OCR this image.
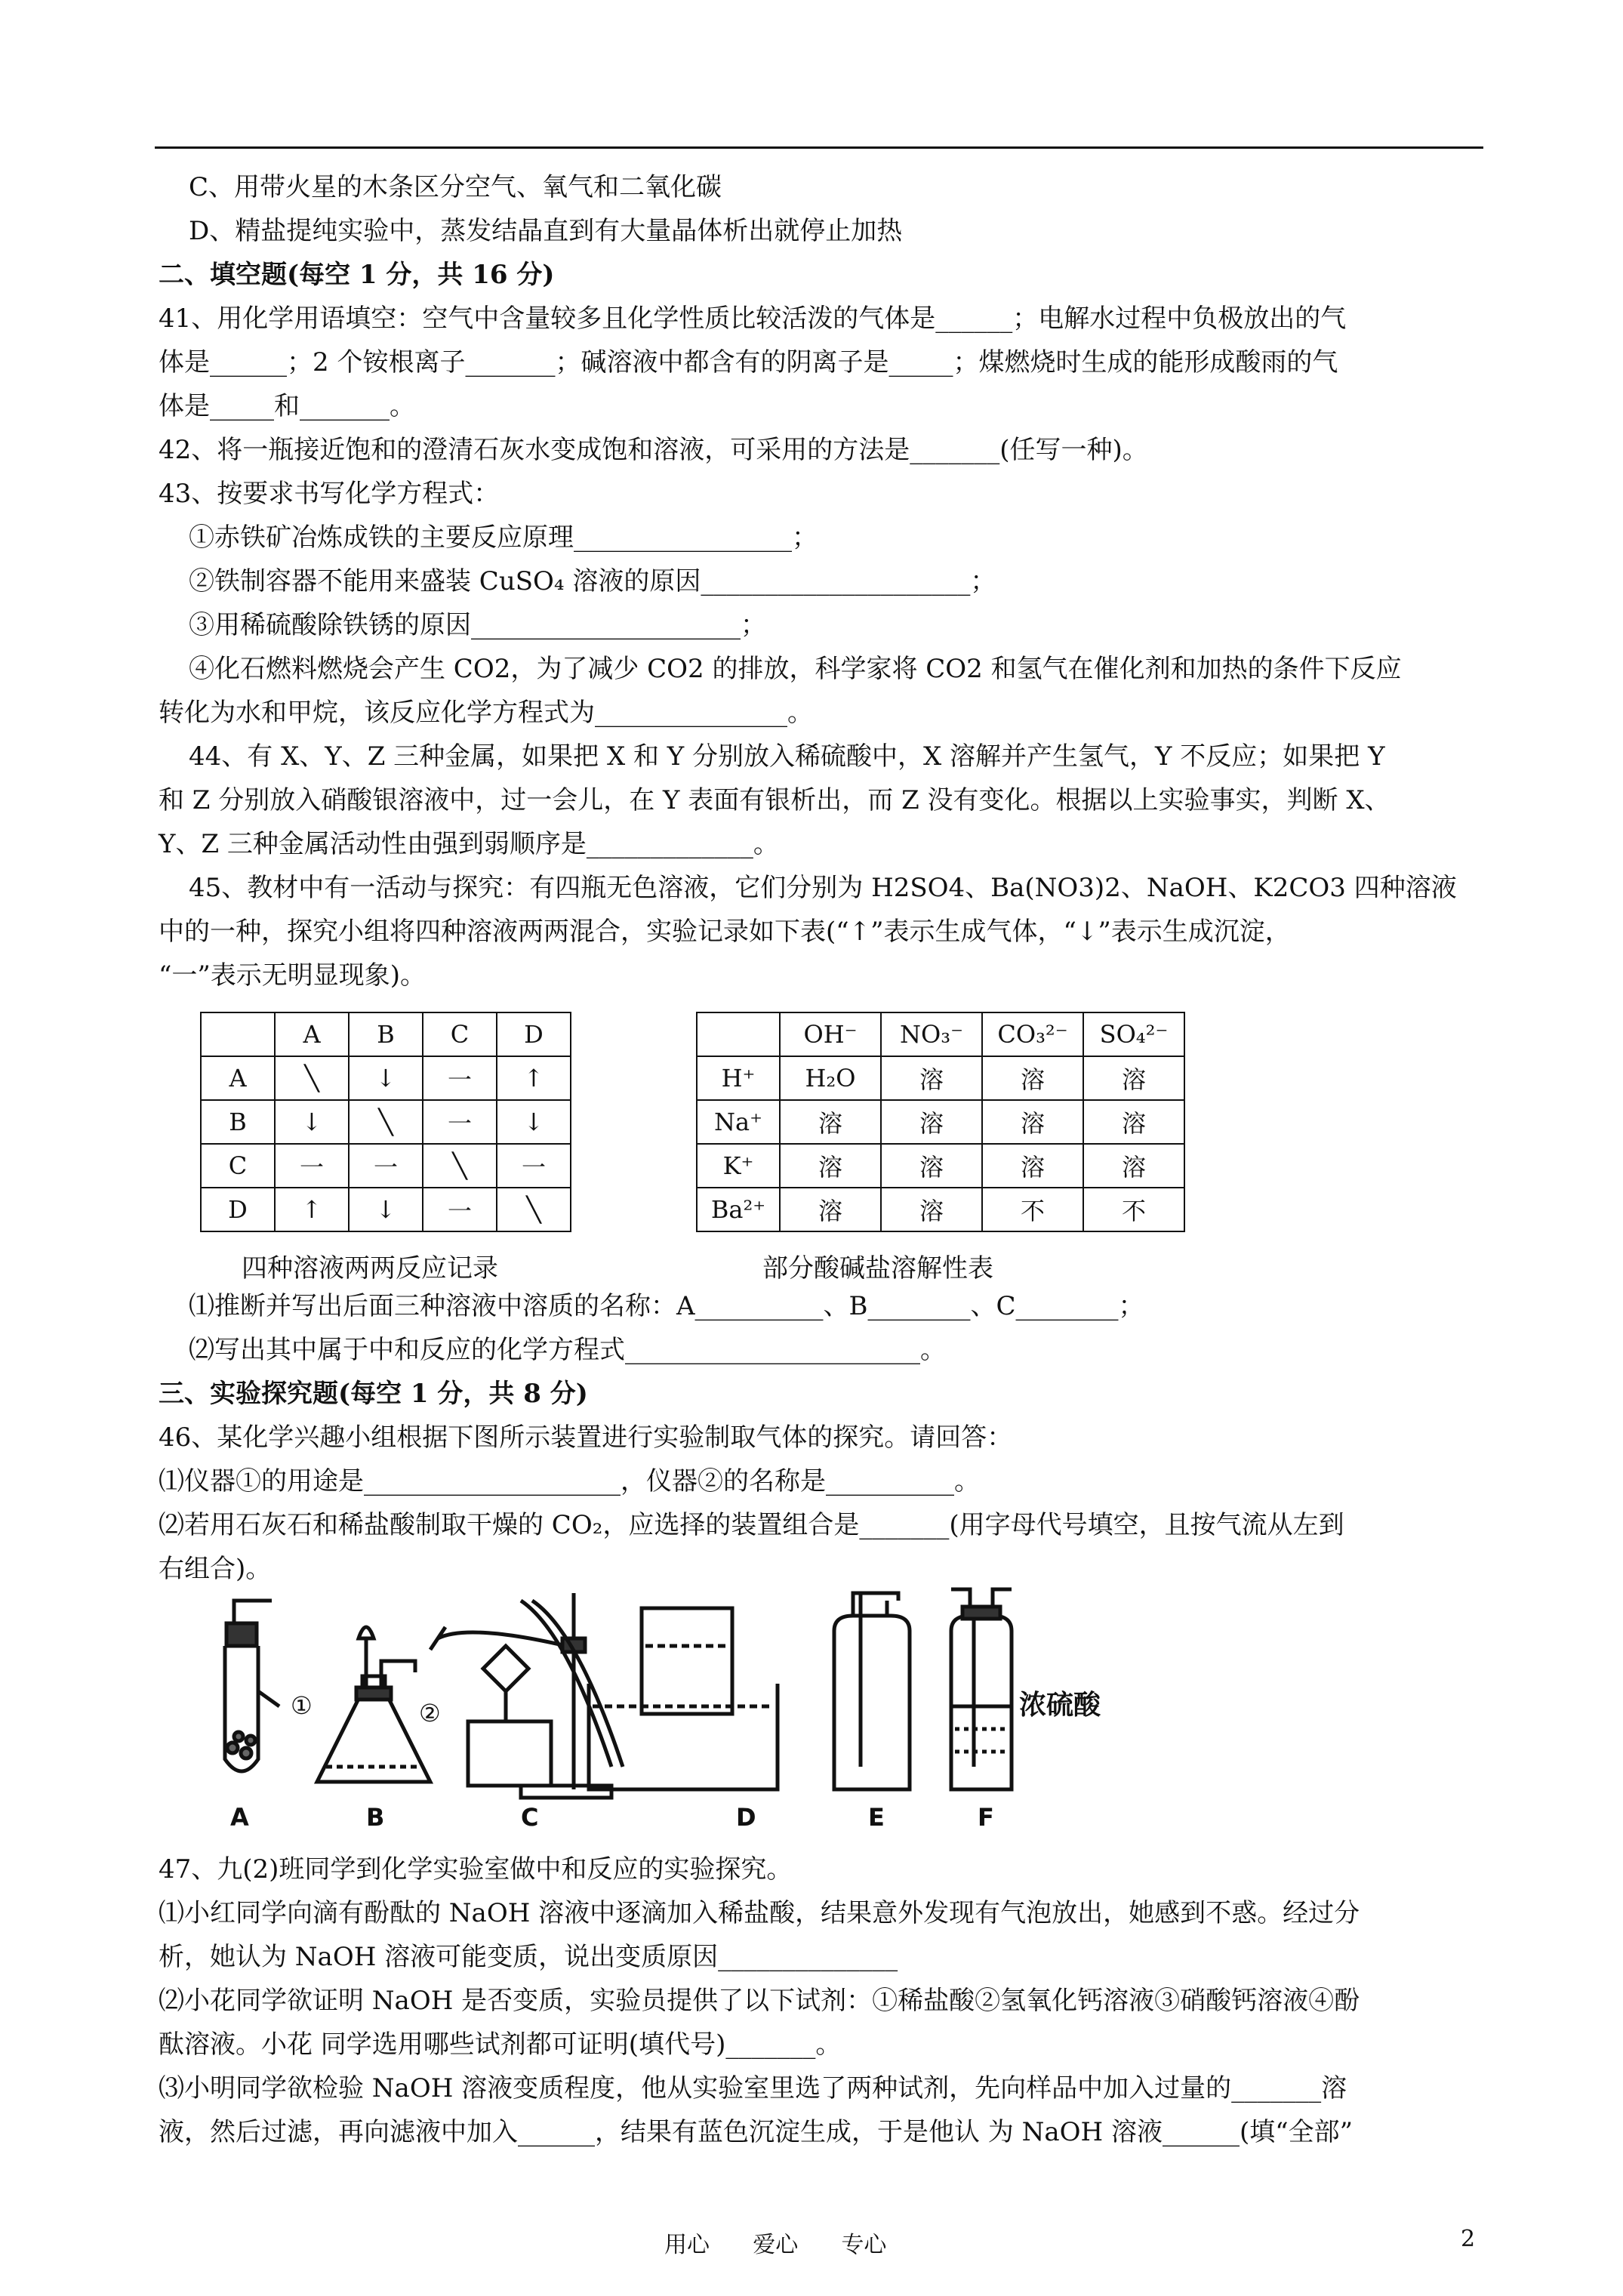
C、用带火星的木条区分空气、氧气和二氧化碳
D、精盐提纯实验中，蒸发结晶直到有大量晶体析出就停止加热
二、填空题(每空 1 分，共 16 分)
41、用化学用语填空：空气中含量较多且化学性质比较活泼的气体是______；电解水过程中负极放出的气
体是______；2 个铵根离子_______；碱溶液中都含有的阴离子是_____；煤燃烧时生成的能形成酸雨的气
体是_____和_______。
42、将一瓶接近饱和的澄清石灰水变成饱和溶液，可采用的方法是_______(任写一种)。
43、按要求书写化学方程式：
①赤铁矿冶炼成铁的主要反应原理_________________；
②铁制容器不能用来盛装 CuSO₄ 溶液的原因_____________________；
③用稀硫酸除铁锈的原因_____________________；
④化石燃料燃烧会产生 CO2，为了减少 CO2 的排放，科学家将 CO2 和氢气在催化剂和加热的条件下反应
转化为水和甲烷，该反应化学方程式为_______________。
44、有 X、Y、Z 三种金属，如果把 X 和 Y 分别放入稀硫酸中，X 溶解并产生氢气，Y 不反应；如果把 Y
和 Z 分别放入硝酸银溶液中，过一会儿，在 Y 表面有银析出，而 Z 没有变化。根据以上实验事实，判断 X、
Y、Z 三种金属活动性由强到弱顺序是_____________。
45、教材中有一活动与探究：有四瓶无色溶液，它们分别为 H2SO4、Ba(NO3)2、NaOH、K2CO3 四种溶液
中的一种，探究小组将四种溶液两两混合，实验记录如下表(“↑”表示生成气体，“↓”表示生成沉淀，
“一”表示无明显现象)。
	A	B	C	D
A	╲	↓	一	↑
B	↓	╲	一	↓
C	一	一	╲	一
D	↑	↓	一	╲
	OH⁻	NO₃⁻	CO₃²⁻	SO₄²⁻
H⁺	H₂O	溶	溶	溶
Na⁺	溶	溶	溶	溶
K⁺	溶	溶	溶	溶
Ba²⁺	溶	溶	不	不
四种溶液两两反应记录	部分酸碱盐溶解性表
⑴推断并写出后面三种溶液中溶质的名称：A__________、B________、C________；
⑵写出其中属于中和反应的化学方程式_______________________。
三、实验探究题(每空 1 分，共 8 分)
46、某化学兴趣小组根据下图所示装置进行实验制取气体的探究。请回答：
⑴仪器①的用途是____________________，仪器②的名称是__________。
⑵若用石灰石和稀盐酸制取干燥的 CO₂，应选择的装置组合是_______(用字母代号填空，且按气流从左到
右组合)。
①	②	浓硫酸
A	B	C	D	E	F
47、九(2)班同学到化学实验室做中和反应的实验探究。
⑴小红同学向滴有酚酞的 NaOH 溶液中逐滴加入稀盐酸，结果意外发现有气泡放出，她感到不惑。经过分
析，她认为 NaOH 溶液可能变质，说出变质原因______________
⑵小花同学欲证明 NaOH 是否变质，实验员提供了以下试剂：①稀盐酸②氢氧化钙溶液③硝酸钙溶液④酚
酞溶液。小花 同学选用哪些试剂都可证明(填代号)_______。
⑶小明同学欲检验 NaOH 溶液变质程度，他从实验室里选了两种试剂，先向样品中加入过量的_______溶
液，然后过滤，再向滤液中加入______，结果有蓝色沉淀生成，于是他认 为 NaOH 溶液______(填“全部”
用心      爱心      专心	2
